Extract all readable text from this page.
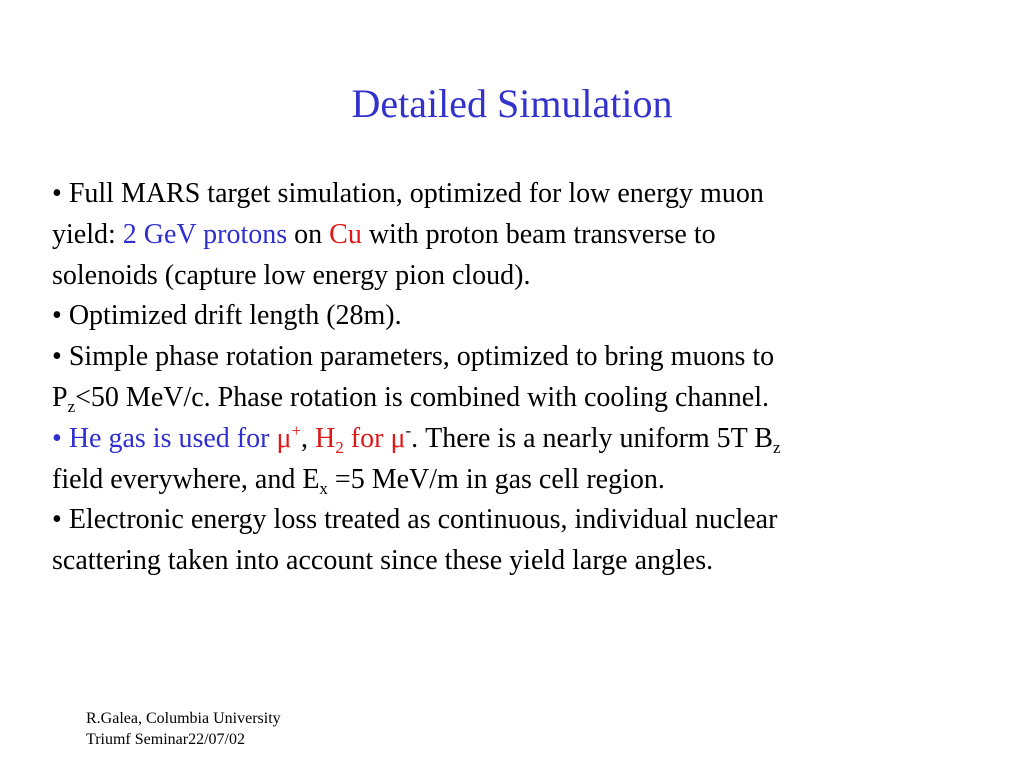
Detailed Simulation
• Full MARS target simulation, optimized for low energy muon
yield: 2 GeV protons on Cu with proton beam transverse to
solenoids (capture low energy pion cloud).
• Optimized drift length (28m).
• Simple phase rotation parameters, optimized to bring muons to
$P_z<50$ MeV/c. Phase rotation is combined with cooling channel.
• He gas is used for μ+, $H_2$ for μ-. There is a nearly uniform 5T $B_z$
field everywhere, and $E_x =5$ MeV/m in gas cell region.
• Electronic energy loss treated as continuous, individual nuclear
scattering taken into account since these yield large angles.
R.Galea, Columbia University
Triumf Seminar22/07/02
